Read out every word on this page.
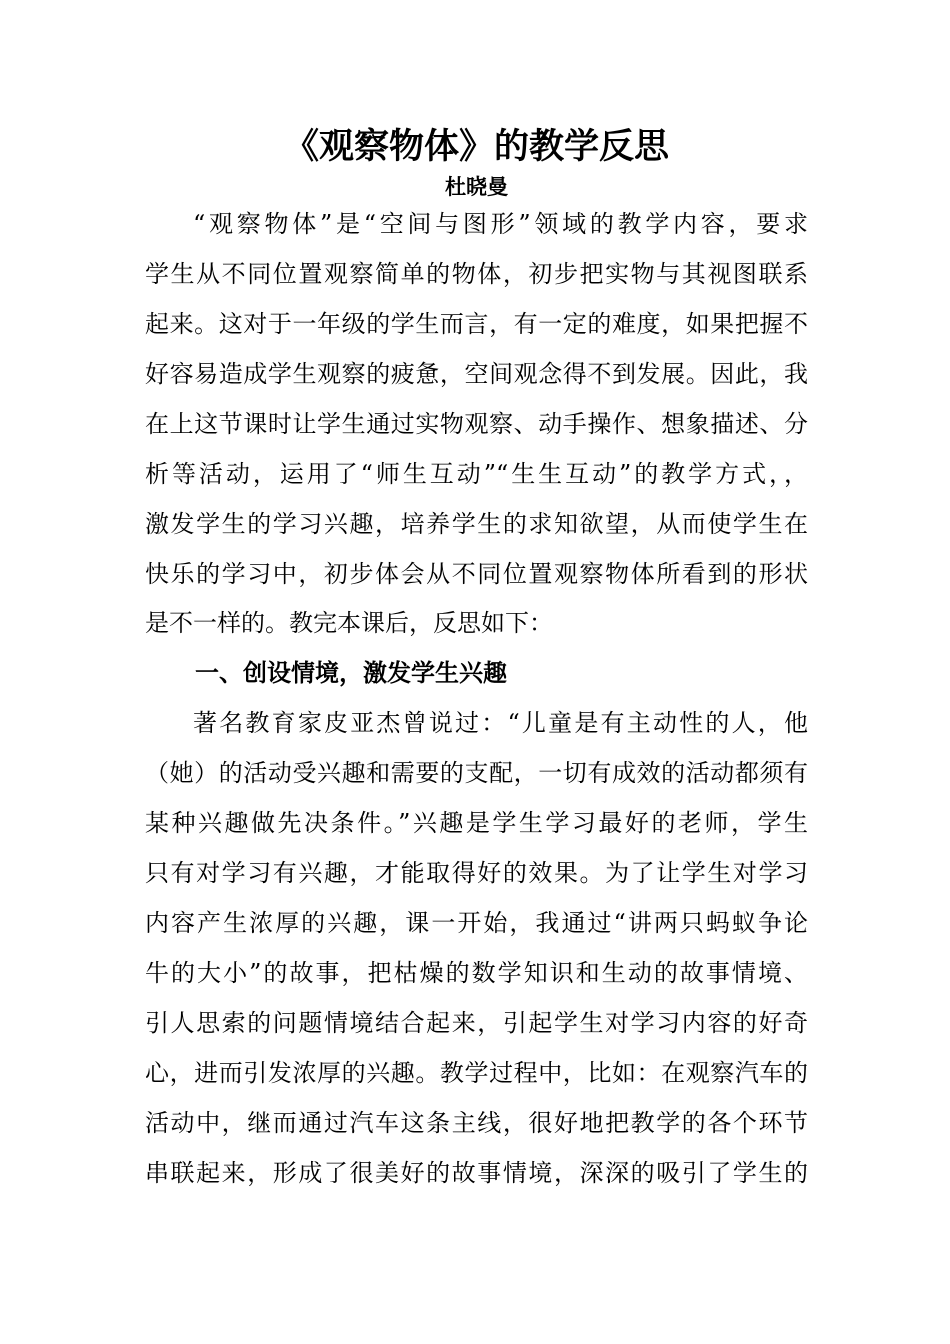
《观察物体》的教学反思
杜晓曼
“观察物体”是“空间与图形”领域的教学内容，要求
学生从不同位置观察简单的物体，初步把实物与其视图联系
起来。这对于一年级的学生而言，有一定的难度，如果把握不
好容易造成学生观察的疲惫，空间观念得不到发展。因此，我
在上这节课时让学生通过实物观察、动手操作、想象描述、分
析等活动，运用了“师生互动”“生生互动”的教学方式，，
激发学生的学习兴趣，培养学生的求知欲望，从而使学生在
快乐的学习中，初步体会从不同位置观察物体所看到的形状
是不一样的。教完本课后，反思如下：
一、创设情境，激发学生兴趣
著名教育家皮亚杰曾说过：“儿童是有主动性的人，他
（她）的活动受兴趣和需要的支配，一切有成效的活动都须有
某种兴趣做先决条件。”兴趣是学生学习最好的老师，学生
只有对学习有兴趣，才能取得好的效果。为了让学生对学习
内容产生浓厚的兴趣，课一开始，我通过“讲两只蚂蚁争论
牛的大小”的故事，把枯燥的数学知识和生动的故事情境、
引人思索的问题情境结合起来，引起学生对学习内容的好奇
心，进而引发浓厚的兴趣。教学过程中，比如：在观察汽车的
活动中，继而通过汽车这条主线，很好地把教学的各个环节
串联起来，形成了很美好的故事情境，深深的吸引了学生的
